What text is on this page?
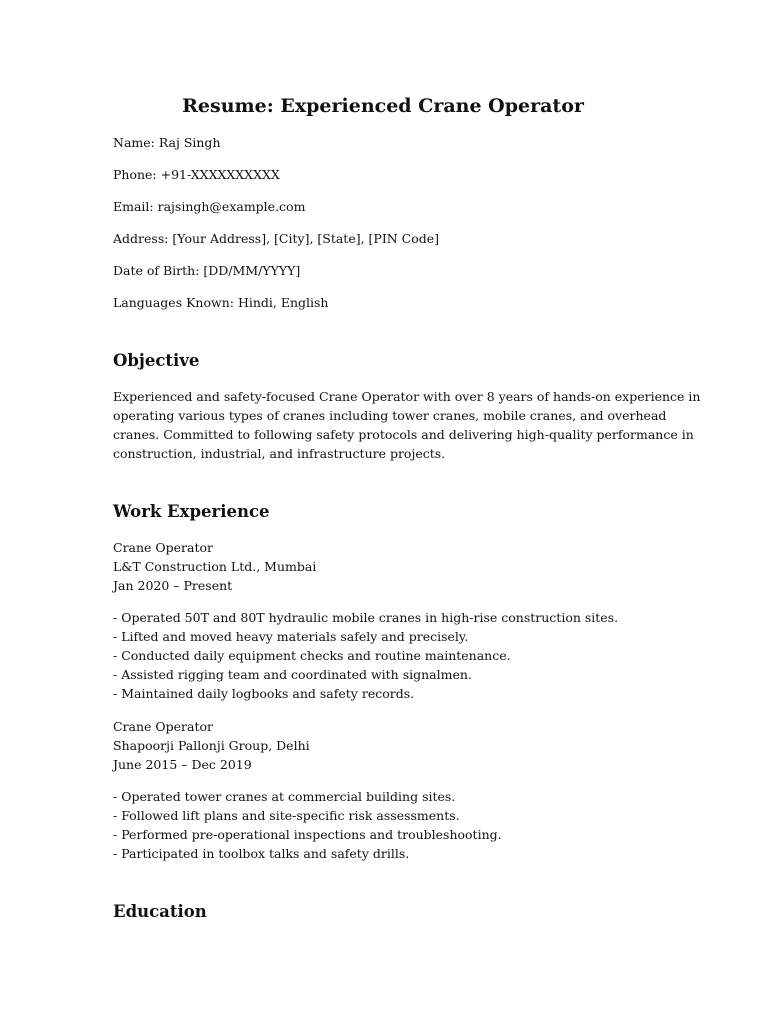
Resume: Experienced Crane Operator

Name: Raj Singh

Phone: +91-XXXXXXXXXX

Email: rajsingh@example.com

Address: [Your Address], [City], [State], [PIN Code]

Date of Birth: [DD/MM/YYYY]

Languages Known: Hindi, English

Objective
Experienced and safety-focused Crane Operator with over 8 years of hands-on experience in
operating various types of cranes including tower cranes, mobile cranes, and overhead
cranes. Committed to following safety protocols and delivering high-quality performance in
construction, industrial, and infrastructure projects.
Work Experience
Crane Operator
L&T Construction Ltd., Mumbai
Jan 2020 – Present
- Operated 50T and 80T hydraulic mobile cranes in high-rise construction sites.
- Lifted and moved heavy materials safely and precisely.
- Conducted daily equipment checks and routine maintenance.
- Assisted rigging team and coordinated with signalmen.
- Maintained daily logbooks and safety records.
Crane Operator
Shapoorji Pallonji Group, Delhi
June 2015 – Dec 2019
- Operated tower cranes at commercial building sites.
- Followed lift plans and site-specific risk assessments.
- Performed pre-operational inspections and troubleshooting.
- Participated in toolbox talks and safety drills.
Education
